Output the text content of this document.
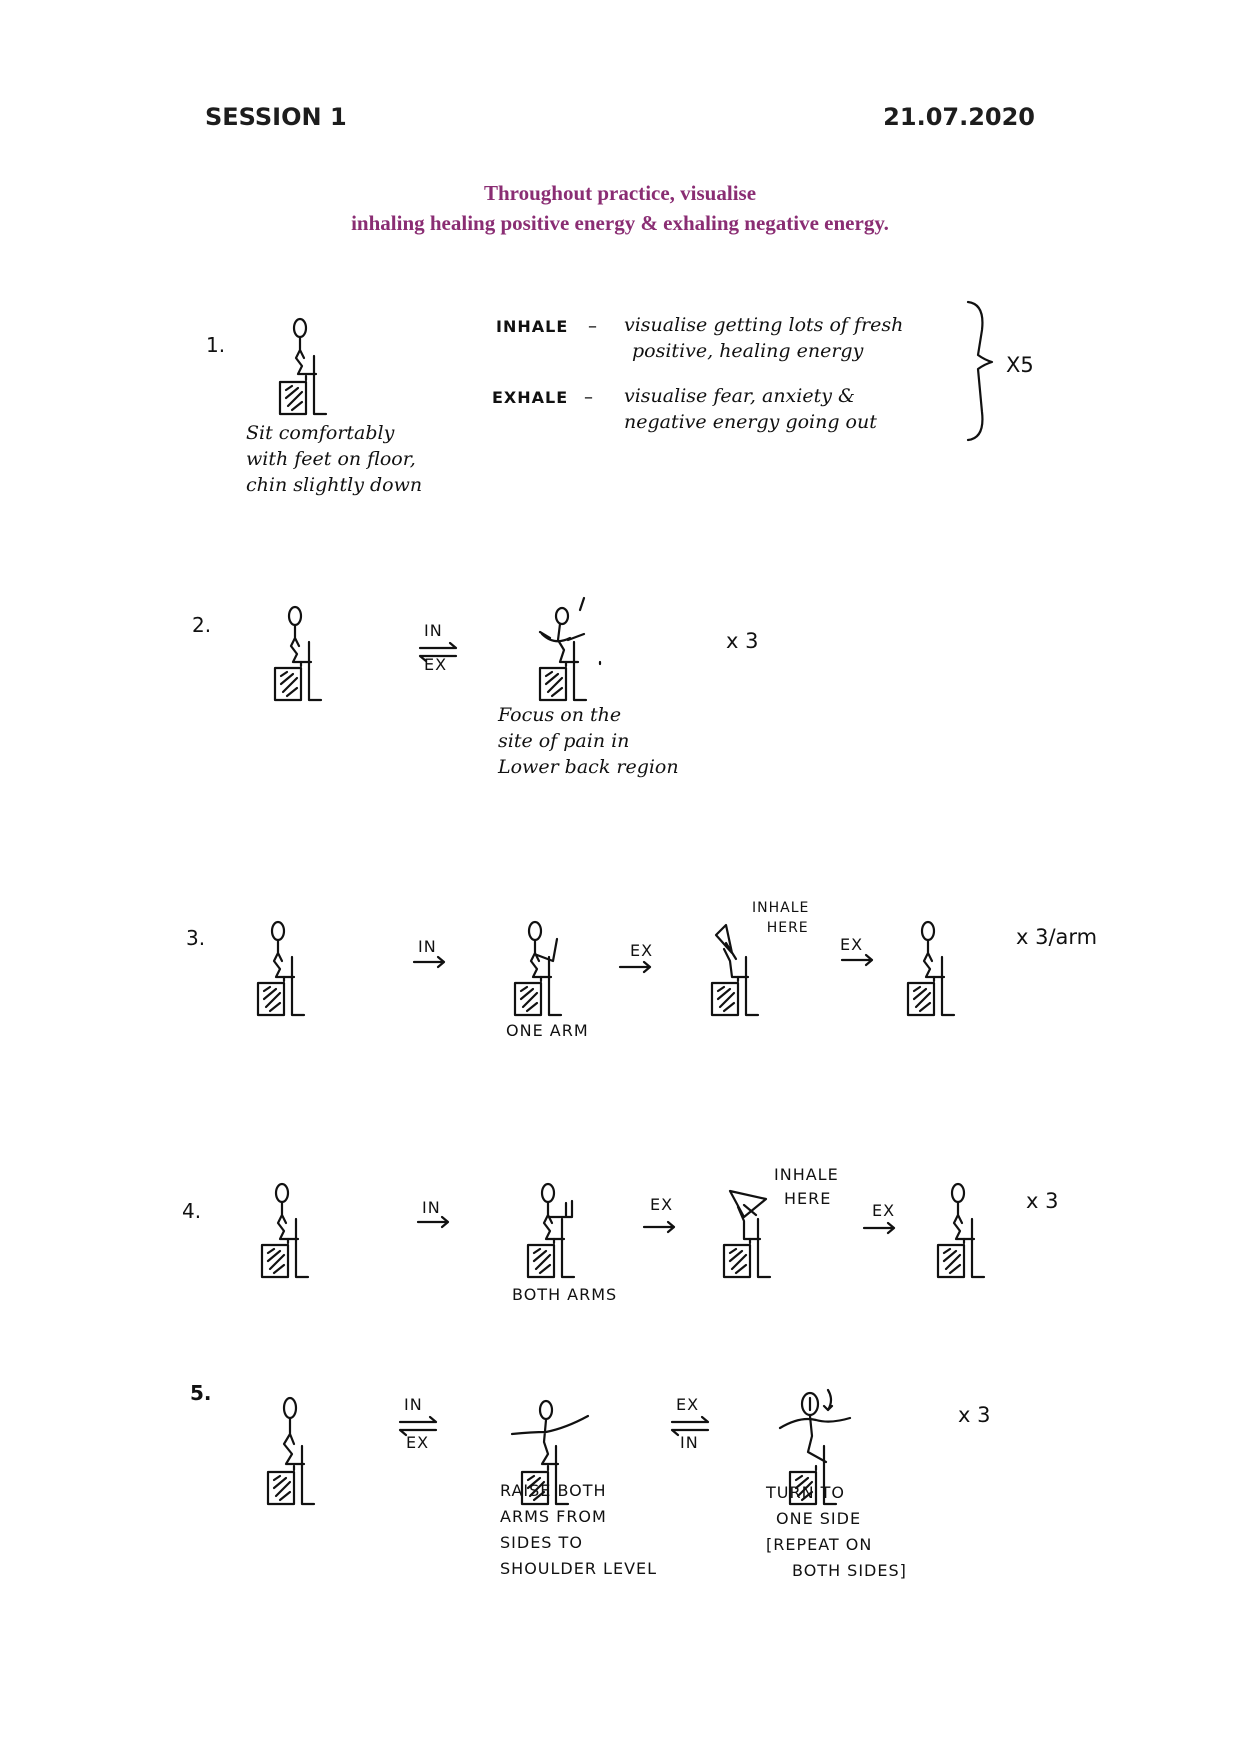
SESSION 1	21.07.2020
Throughout practice, visualise
inhaling healing positive energy & exhaling negative energy.
1.
Sit comfortably
with feet on floor,
chin slightly down
INHALE – visualise getting lots of fresh
positive, healing energy
EXHALE – visualise fear, anxiety &
negative energy going out
X5
2.	IN
EX
Focus on the
site of pain in
Lower back region
x 3
3.	IN	EX	EX
ONE ARM
INHALE
HERE	x 3/arm
4.	IN	EX	EX
BOTH ARMS
INHALE
HERE	x 3
5.	IN
EX
EX
IN
RAISE BOTH
ARMS FROM
SIDES TO
SHOULDER LEVEL
TURN TO
ONE SIDE
[REPEAT ON
BOTH SIDES]
x 3
